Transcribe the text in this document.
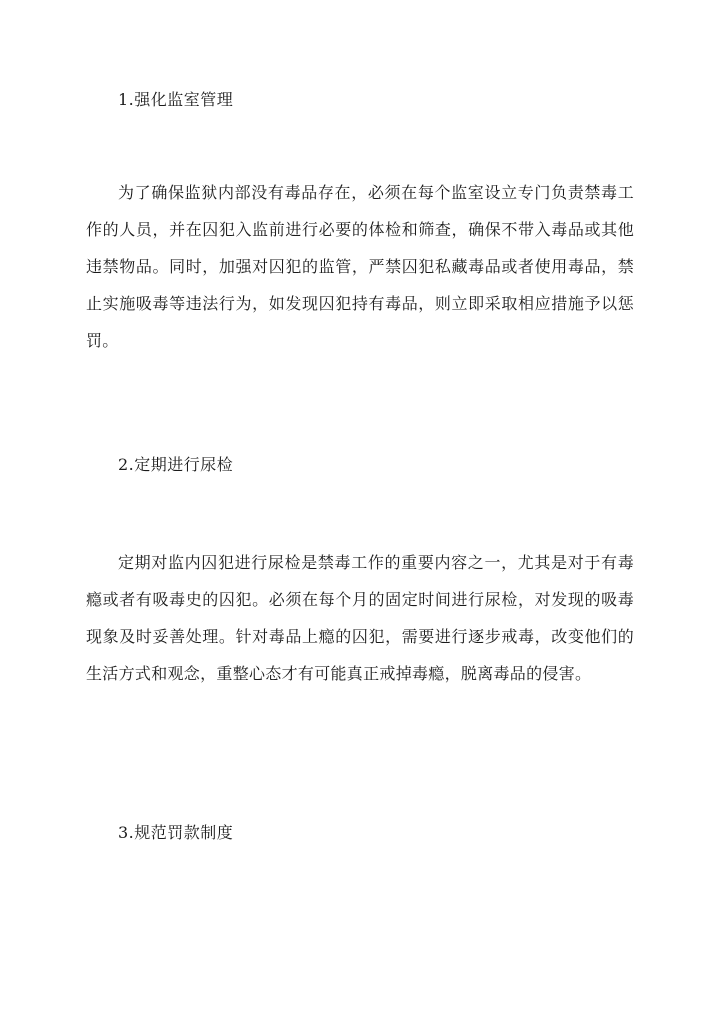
1.强化监室管理

为了确保监狱内部没有毒品存在，必须在每个监室设立专门负责禁毒工作的人员，并在囚犯入监前进行必要的体检和筛查，确保不带入毒品或其他违禁物品。同时，加强对囚犯的监管，严禁囚犯私藏毒品或者使用毒品，禁止实施吸毒等违法行为，如发现囚犯持有毒品，则立即采取相应措施予以惩罚。

2.定期进行尿检

定期对监内囚犯进行尿检是禁毒工作的重要内容之一，尤其是对于有毒瘾或者有吸毒史的囚犯。必须在每个月的固定时间进行尿检，对发现的吸毒现象及时妥善处理。针对毒品上瘾的囚犯，需要进行逐步戒毒，改变他们的生活方式和观念，重整心态才有可能真正戒掉毒瘾，脱离毒品的侵害。

3.规范罚款制度
